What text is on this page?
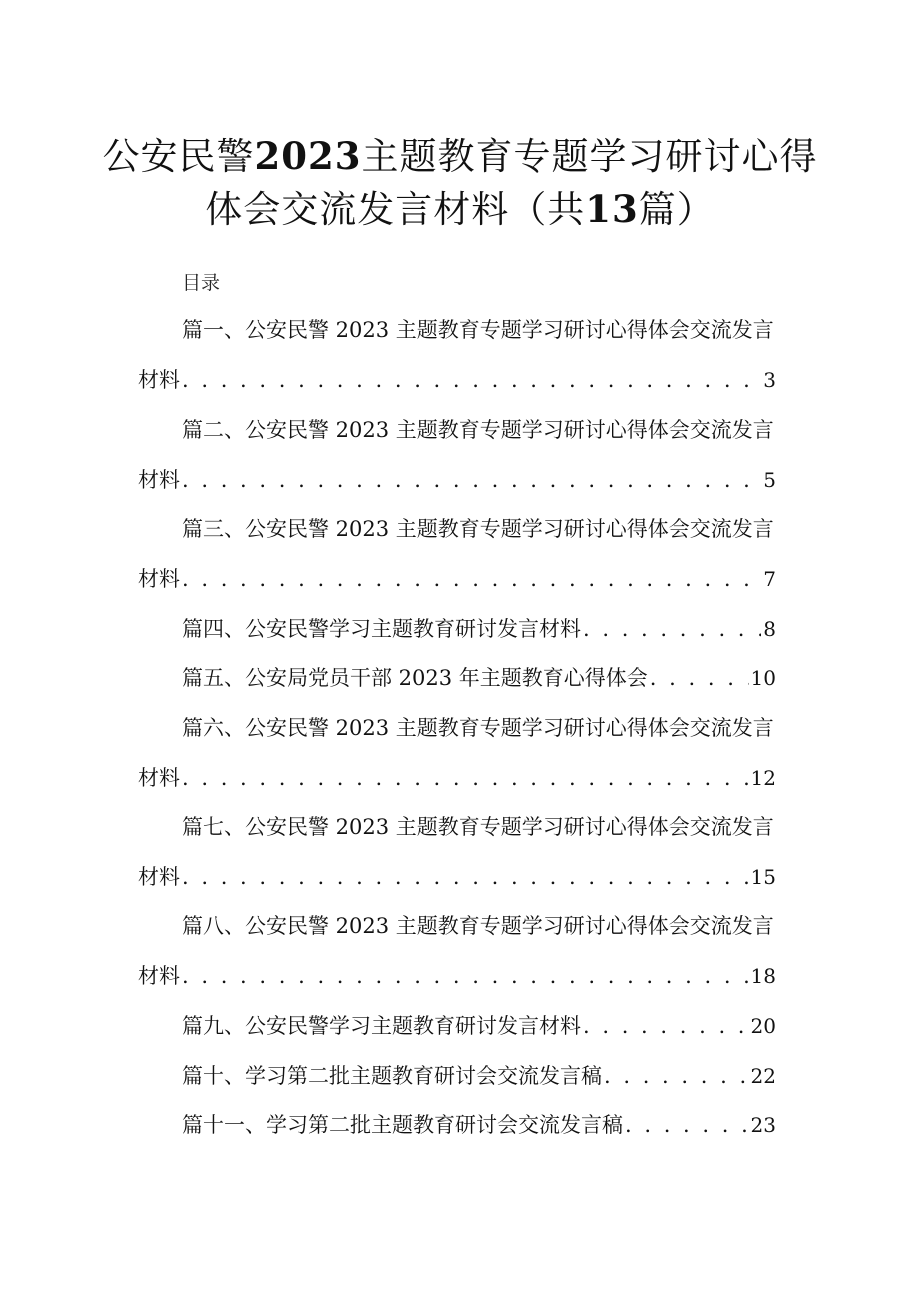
公安民警2023主题教育专题学习研讨心得
体会交流发言材料（共13篇）
目录
篇一、公安民警 2023 主题教育专题学习研讨心得体会交流发言
材料 . . .	3
篇二、公安民警 2023 主题教育专题学习研讨心得体会交流发言
材料 . . .	5
篇三、公安民警 2023 主题教育专题学习研讨心得体会交流发言
材料 . . .	7
篇四、公安民警学习主题教育研讨发言材料 . . .	8
篇五、公安局党员干部 2023 年主题教育心得体会 . . .	10
篇六、公安民警 2023 主题教育专题学习研讨心得体会交流发言
材料 . . .	12
篇七、公安民警 2023 主题教育专题学习研讨心得体会交流发言
材料 . . .	15
篇八、公安民警 2023 主题教育专题学习研讨心得体会交流发言
材料 . . .	18
篇九、公安民警学习主题教育研讨发言材料 . . .	20
篇十、学习第二批主题教育研讨会交流发言稿 . . .	22
篇十一、学习第二批主题教育研讨会交流发言稿 . . .	23
